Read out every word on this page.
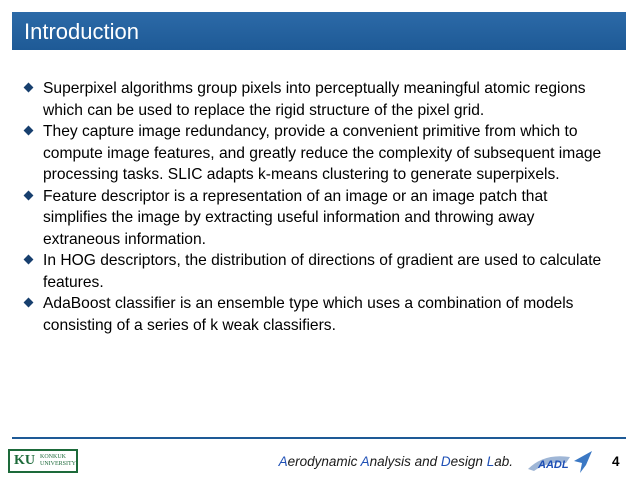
Introduction
Superpixel algorithms group pixels into perceptually meaningful atomic regions which can be used to replace the rigid structure of the pixel grid.
They capture image redundancy, provide a convenient primitive from which to compute image features, and greatly reduce the complexity of subsequent image processing tasks. SLIC adapts k-means clustering to generate superpixels.
Feature descriptor is a representation of an image or an image patch that simplifies the image by extracting useful information and throwing away extraneous information.
In HOG descriptors, the distribution of directions of gradient are used to calculate features.
AdaBoost classifier is an ensemble type which uses a combination of models consisting of a series of k weak classifiers.
KU KONKUK
UNIVERSITY	Aerodynamic Analysis and Design Lab. AADL	4
